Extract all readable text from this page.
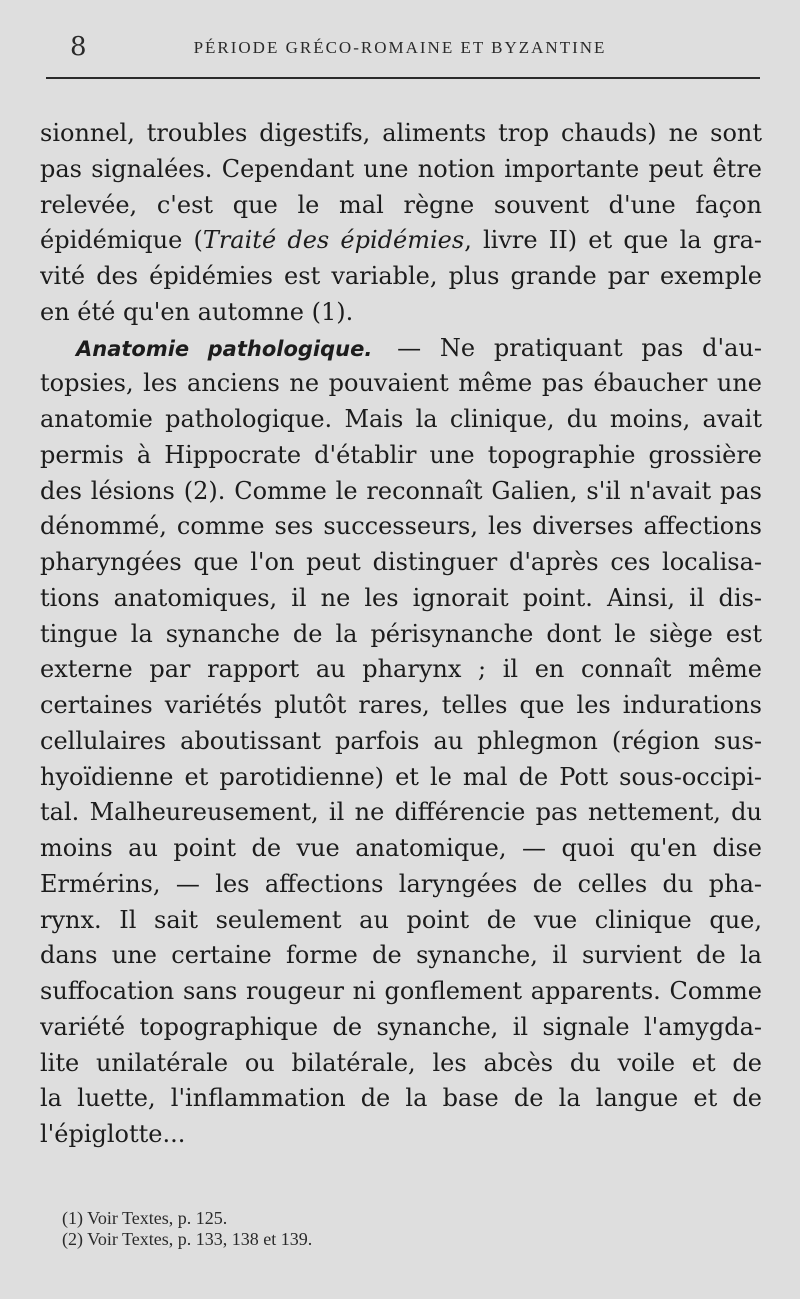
8	PÉRIODE GRÉCO-ROMAINE ET BYZANTINE
sionnel, troubles digestifs, aliments trop chauds) ne sont
pas signalées. Cependant une notion importante peut être
relevée, c'est que le mal règne souvent d'une façon
épidémique (Traité des épidémies, livre II) et que la gra-
vité des épidémies est variable, plus grande par exemple
en été qu'en automne (1).
Anatomie pathologique. — Ne pratiquant pas d'au-
topsies, les anciens ne pouvaient même pas ébaucher une
anatomie pathologique. Mais la clinique, du moins, avait
permis à Hippocrate d'établir une topographie grossière
des lésions (2). Comme le reconnaît Galien, s'il n'avait pas
dénommé, comme ses successeurs, les diverses affections
pharyngées que l'on peut distinguer d'après ces localisa-
tions anatomiques, il ne les ignorait point. Ainsi, il dis-
tingue la synanche de la périsynanche dont le siège est
externe par rapport au pharynx ; il en connaît même
certaines variétés plutôt rares, telles que les indurations
cellulaires aboutissant parfois au phlegmon (région sus-
hyoïdienne et parotidienne) et le mal de Pott sous-occipi-
tal. Malheureusement, il ne différencie pas nettement, du
moins au point de vue anatomique, — quoi qu'en dise
Ermérins, — les affections laryngées de celles du pha-
rynx. Il sait seulement au point de vue clinique que,
dans une certaine forme de synanche, il survient de la
suffocation sans rougeur ni gonflement apparents. Comme
variété topographique de synanche, il signale l'amygda-
lite unilatérale ou bilatérale, les abcès du voile et de
la luette, l'inflammation de la base de la langue et de
l'épiglotte...
(1) Voir Textes, p. 125.
(2) Voir Textes, p. 133, 138 et 139.
